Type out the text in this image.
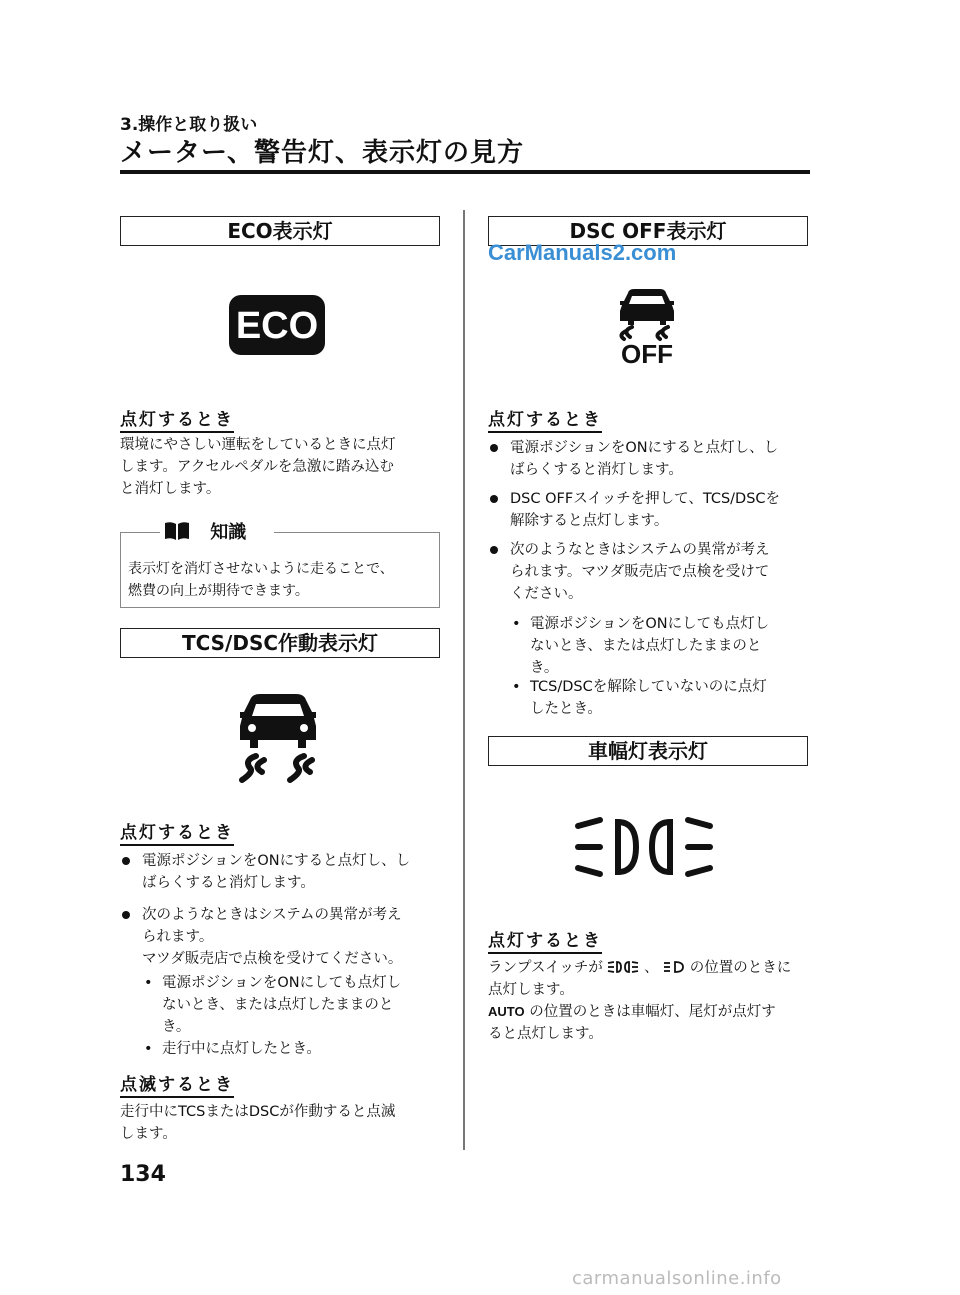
3.操作と取り扱い
メーター、警告灯、表示灯の見方
ECO表示灯
ECO
点灯するとき
環境にやさしい運転をしているときに点灯
します。アクセルペダルを急激に踏み込む
と消灯します。
知識
表示灯を消灯させないように走ることで、
燃費の向上が期待できます。
TCS/DSC作動表示灯
点灯するとき
電源ポジションをONにすると点灯し、し
ばらくすると消灯します。
次のようなときはシステムの異常が考え
られます。
マツダ販売店で点検を受けてください。
• 電源ポジションをONにしても点灯し
ないとき、または点灯したままのと
き。
• 走行中に点灯したとき。
点滅するとき
走行中にTCSまたはDSCが作動すると点滅
します。
DSC OFF表示灯
CarManuals2.com
OFF
点灯するとき
電源ポジションをONにすると点灯し、し
ばらくすると消灯します。
DSC OFFスイッチを押して、TCS/DSCを
解除すると点灯します。
次のようなときはシステムの異常が考え
られます。マツダ販売店で点検を受けて
ください。
• 電源ポジションをONにしても点灯し
ないとき、または点灯したままのと
き。
• TCS/DSCを解除していないのに点灯
したとき。
車幅灯表示灯
点灯するとき
ランプスイッチが	、 の位置のときに
点灯します。
AUTO の位置のときは車幅灯、尾灯が点灯す
ると点灯します。
134
carmanualsonline.info
